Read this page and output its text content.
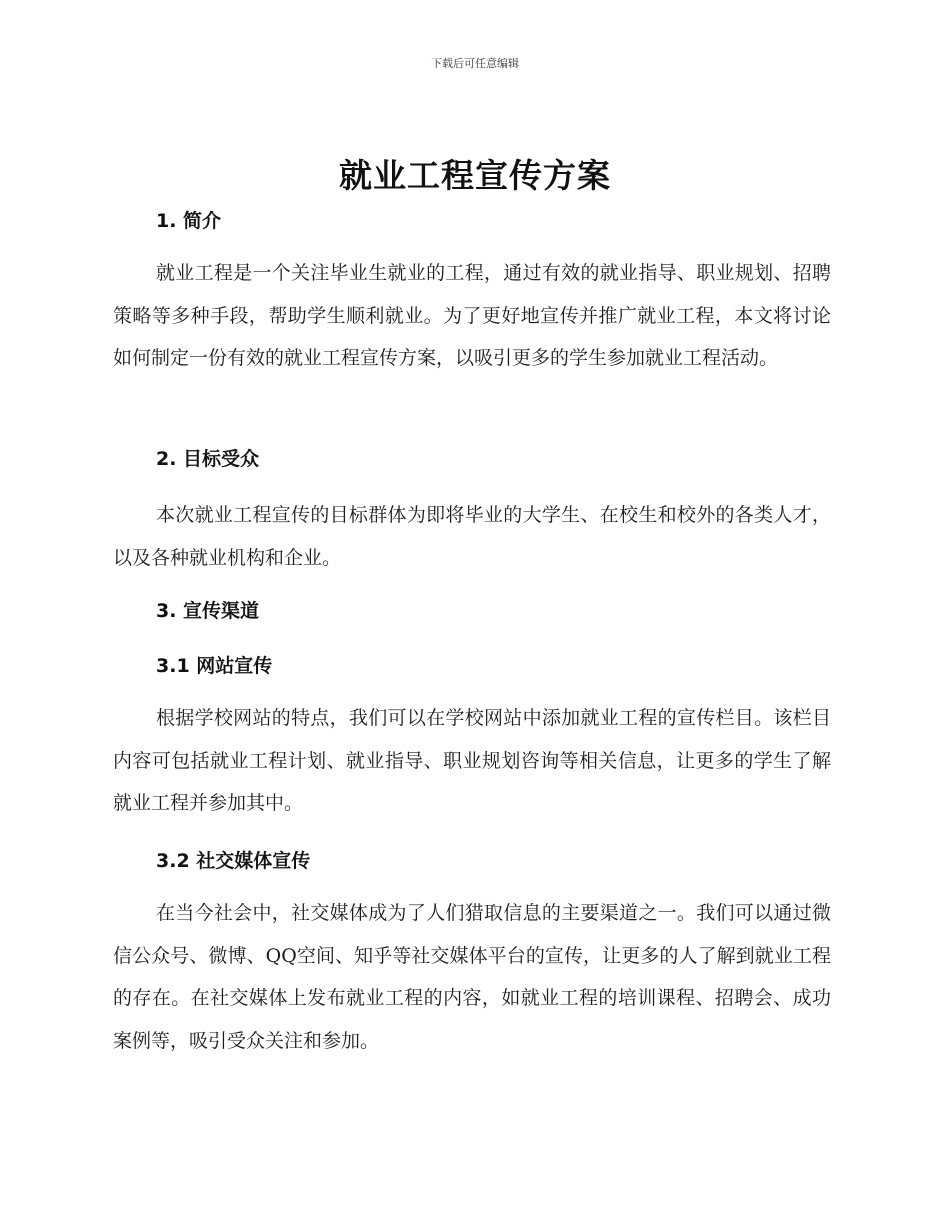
下载后可任意编辑
就业工程宣传方案

1. 简介

就业工程是一个关注毕业生就业的工程，通过有效的就业指导、职业规划、招聘策略等多种手段，帮助学生顺利就业。为了更好地宣传并推广就业工程，本文将讨论如何制定一份有效的就业工程宣传方案，以吸引更多的学生参加就业工程活动。

2. 目标受众

本次就业工程宣传的目标群体为即将毕业的大学生、在校生和校外的各类人才，以及各种就业机构和企业。

3. 宣传渠道

3.1 网站宣传

根据学校网站的特点，我们可以在学校网站中添加就业工程的宣传栏目。该栏目内容可包括就业工程计划、就业指导、职业规划咨询等相关信息，让更多的学生了解就业工程并参加其中。

3.2 社交媒体宣传

在当今社会中，社交媒体成为了人们猎取信息的主要渠道之一。我们可以通过微信公众号、微博、QQ空间、知乎等社交媒体平台的宣传，让更多的人了解到就业工程的存在。在社交媒体上发布就业工程的内容，如就业工程的培训课程、招聘会、成功案例等，吸引受众关注和参加。
